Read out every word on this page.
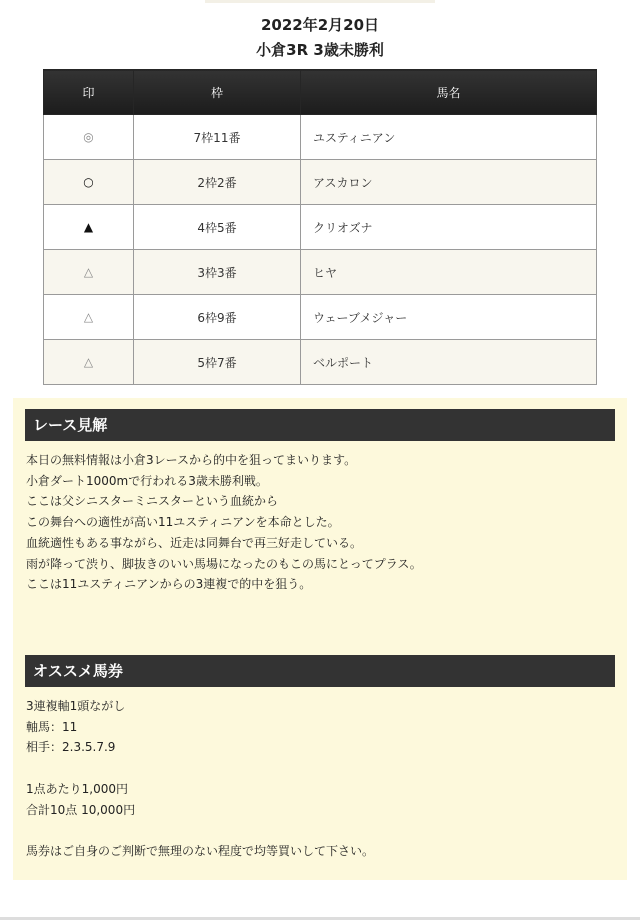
2022年2月20日
小倉3R 3歳未勝利
印	枠	馬名
◎	7枠11番	ユスティニアン
○	2枠2番	アスカロン
▲	4枠5番	クリオズナ
△	3枠3番	ヒヤ
△	6枠9番	ウェーブメジャー
△	5枠7番	ベルポート
レース見解
本日の無料情報は小倉3レースから的中を狙ってまいります。
小倉ダート1000mで行われる3歳未勝利戦。
ここは父シニスターミニスターという血統から
この舞台への適性が高い11ユスティニアンを本命とした。
血統適性もある事ながら、近走は同舞台で再三好走している。
雨が降って渋り、脚抜きのいい馬場になったのもこの馬にとってプラス。
ここは11ユスティニアンからの3連複で的中を狙う。
オススメ馬券
3連複軸1頭ながし
軸馬：11
相手：2.3.5.7.9
1点あたり1,000円
合計10点 10,000円
馬券はご自身のご判断で無理のない程度で均等買いして下さい。
